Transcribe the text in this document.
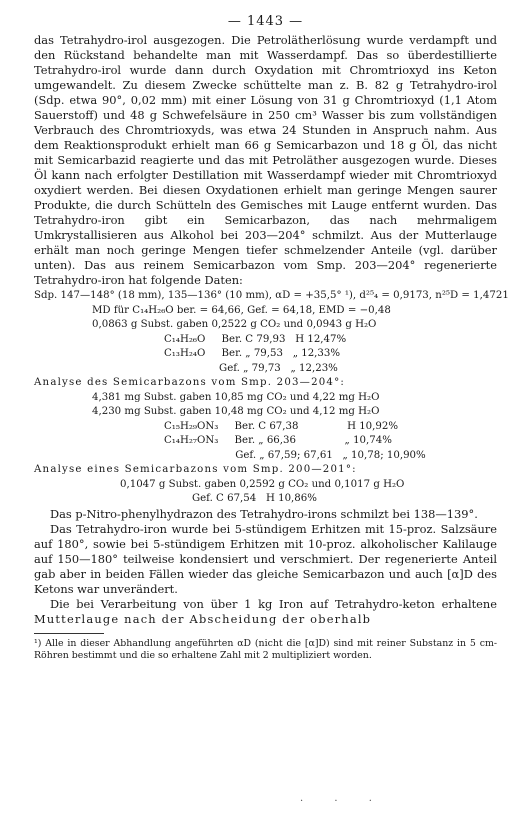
— 1443 —

das Tetrahydro-irol ausgezogen. Die Petrolätherlösung wurde verdampft und den Rückstand behandelte man mit Wasserdampf. Das so überdestillierte Tetrahydro-irol wurde dann durch Oxydation mit Chromtrioxyd ins Keton umgewandelt. Zu diesem Zwecke schüttelte man z. B. 82 g Tetrahydro-irol (Sdp. etwa 90°, 0,02 mm) mit einer Lösung von 31 g Chromtrioxyd (1,1 Atom Sauerstoff) und 48 g Schwefelsäure in 250 cm³ Wasser bis zum vollständigen Verbrauch des Chromtrioxyds, was etwa 24 Stunden in Anspruch nahm. Aus dem Reaktionsprodukt erhielt man 66 g Semicarbazon und 18 g Öl, das nicht mit Semicarbazid reagierte und das mit Petroläther ausgezogen wurde. Dieses Öl kann nach erfolgter Destillation mit Wasserdampf wieder mit Chromtrioxyd oxydiert werden. Bei diesen Oxydationen erhielt man geringe Mengen saurer Produkte, die durch Schütteln des Gemisches mit Lauge entfernt wurden. Das Tetrahydro-iron gibt ein Semicarbazon, das nach mehrmaligem Umkrystallisieren aus Alkohol bei 203—204° schmilzt. Aus der Mutterlauge erhält man noch geringe Mengen tiefer schmelzender Anteile (vgl. darüber unten). Das aus reinem Semicarbazon vom Smp. 203—204° regenerierte Tetrahydro-iron hat folgende Daten:

Sdp. 147—148° (18 mm), 135—136° (10 mm), αD = +35,5° ¹), d²⁵₄ = 0,9173, n²⁵D = 1,4721
MD für C₁₄H₂₆O ber. = 64,66, Gef. = 64,18, EMD = −0,48
0,0863 g Subst. gaben 0,2522 g CO₂ und 0,0943 g H₂O
C₁₄H₂₆O     Ber. C 79,93   H 12,47%
C₁₃H₂₄O     Ber. „ 79,53   „ 12,33%
Gef. „ 79,73   „ 12,23%
Analyse des Semicarbazons vom Smp. 203—204°:
4,381 mg Subst. gaben 10,85 mg CO₂ und 4,22 mg H₂O
4,230 mg Subst. gaben 10,48 mg CO₂ und 4,12 mg H₂O
C₁₅H₂₉ON₃     Ber. C 67,38               H 10,92%
C₁₄H₂₇ON₃     Ber. „ 66,36               „ 10,74%
Gef. „ 67,59; 67,61   „ 10,78; 10,90%
Analyse eines Semicarbazons vom Smp. 200—201°:
0,1047 g Subst. gaben 0,2592 g CO₂ und 0,1017 g H₂O
Gef. C 67,54   H 10,86%

Das p-Nitro-phenylhydrazon des Tetrahydro-irons schmilzt bei 138—139°.

Das Tetrahydro-iron wurde bei 5-stündigem Erhitzen mit 15-proz. Salzsäure auf 180°, sowie bei 5-stündigem Erhitzen mit 10-proz. alkoholischer Kalilauge auf 150—180° teilweise kondensiert und verschmiert. Der regenerierte Anteil gab aber in beiden Fällen wieder das gleiche Semicarbazon und auch [α]D des Ketons war unverändert.

Die bei Verarbeitung von über 1 kg Iron auf Tetrahydro-keton erhaltene Mutterlauge nach der Abscheidung der oberhalb

¹) Alle in dieser Abhandlung angeführten αD (nicht die [α]D) sind mit reiner Substanz in 5 cm-Röhren bestimmt und die so erhaltene Zahl mit 2 multipliziert worden.

· · ·
